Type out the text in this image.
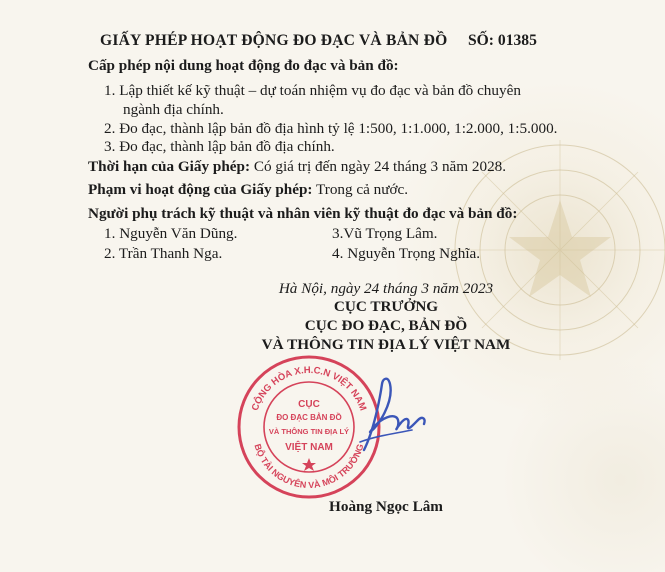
GIẤY PHÉP HOẠT ĐỘNG ĐO ĐẠC VÀ BẢN ĐỒ SỐ: 01385
Cấp phép nội dung hoạt động đo đạc và bản đồ:
1. Lập thiết kế kỹ thuật – dự toán nhiệm vụ đo đạc và bản đồ chuyên
ngành địa chính.
2. Đo đạc, thành lập bản đồ địa hình tỷ lệ 1:500, 1:1.000, 1:2.000, 1:5.000.
3. Đo đạc, thành lập bản đồ địa chính.
Thời hạn của Giấy phép: Có giá trị đến ngày 24 tháng 3 năm 2028.
Phạm vi hoạt động của Giấy phép: Trong cả nước.
Người phụ trách kỹ thuật và nhân viên kỹ thuật đo đạc và bản đồ:
1. Nguyễn Văn Dũng.	3.Vũ Trọng Lâm.
2. Trần Thanh Nga.	4. Nguyễn Trọng Nghĩa.
Hà Nội, ngày 24 tháng 3 năm 2023
CỤC TRƯỞNG
CỤC ĐO ĐẠC, BẢN ĐỒ
VÀ THÔNG TIN ĐỊA LÝ VIỆT NAM
CỘNG HÒA X.H.C.N VIỆT NAM
BỘ TÀI NGUYÊN VÀ MÔI TRƯỜNG
CỤC
ĐO ĐẠC BẢN ĐỒ
VÀ THÔNG TIN ĐỊA LÝ
VIỆT NAM
Hoàng Ngọc Lâm
